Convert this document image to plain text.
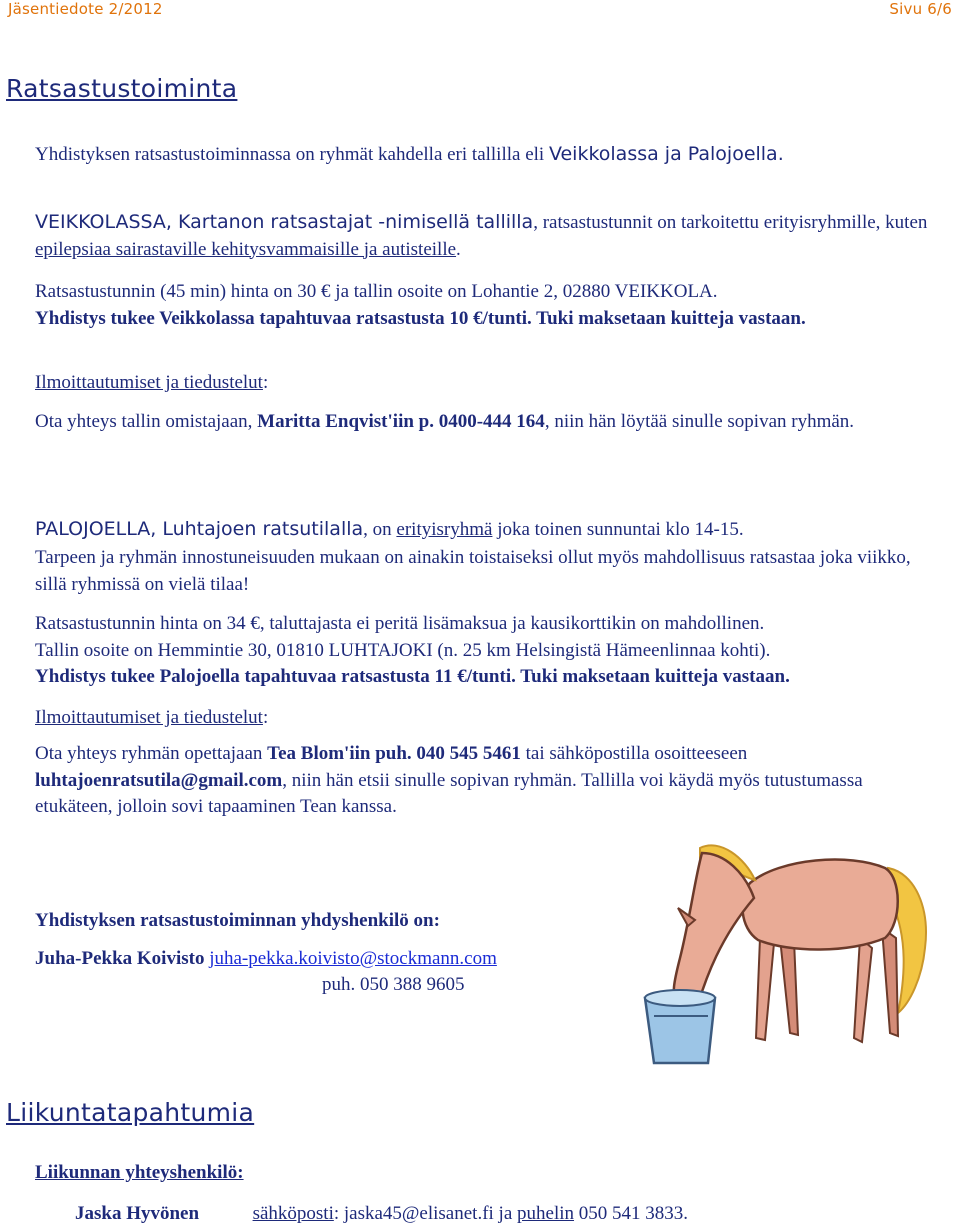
Jäsentiedote 2/2012	Sivu 6/6
Ratsastustoiminta

Yhdistyksen ratsastustoiminnassa on ryhmät kahdella eri tallilla eli Veikkolassa ja Palojoella.

VEIKKOLASSA, Kartanon ratsastajat -nimisellä tallilla, ratsastustunnit on tarkoitettu erityisryhmille, kuten epilepsiaa sairastaville kehitysvammaisille ja autisteille.

Ratsastustunnin (45 min) hinta on 30 € ja tallin osoite on Lohantie 2, 02880 VEIKKOLA.

Yhdistys tukee Veikkolassa tapahtuvaa ratsastusta 10 €/tunti. Tuki maksetaan kuitteja vastaan.

Ilmoittautumiset ja tiedustelut:

Ota yhteys tallin omistajaan, Maritta Enqvist'iin p. 0400-444 164, niin hän löytää sinulle sopivan ryhmän.

PALOJOELLA, Luhtajoen ratsutilalla, on erityisryhmä joka toinen sunnuntai klo 14-15.

Tarpeen ja ryhmän innostuneisuuden mukaan on ainakin toistaiseksi ollut myös mahdollisuus ratsastaa joka viikko, sillä ryhmissä on vielä tilaa!

Ratsastustunnin hinta on 34 €, taluttajasta ei peritä lisämaksua ja kausikorttikin on mahdollinen.

Tallin osoite on Hemmintie 30, 01810 LUHTAJOKI (n. 25 km Helsingistä Hämeenlinnaa kohti).

Yhdistys tukee Palojoella tapahtuvaa ratsastusta 11 €/tunti. Tuki maksetaan kuitteja vastaan.

Ilmoittautumiset ja tiedustelut:

Ota yhteys ryhmän opettajaan Tea Blom'iin puh. 040 545 5461 tai sähköpostilla osoitteeseen luhtajoenratsutila@gmail.com, niin hän etsii sinulle sopivan ryhmän. Tallilla voi käydä myös tutustumassa etukäteen, jolloin sovi tapaaminen Tean kanssa.

Yhdistyksen ratsastustoiminnan yhdyshenkilö on:

Juha-Pekka Koivisto juha-pekka.koivisto@stockmann.com

puh. 050 388 9605

Liikuntatapahtumia

Liikunnan yhteyshenkilö:

Jaska Hyvönen	sähköposti: jaska45@elisanet.fi ja puhelin 050 541 3833.
